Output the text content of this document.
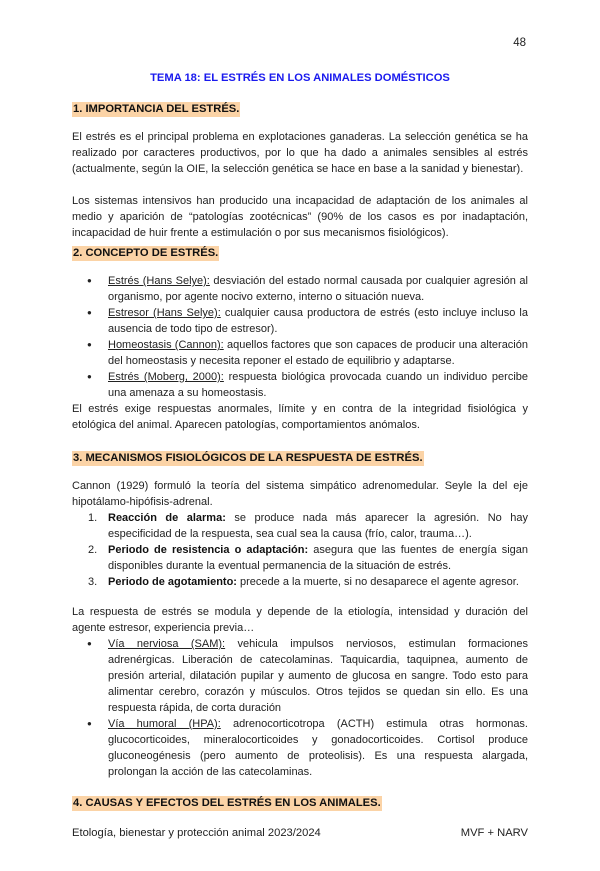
48
TEMA 18: EL ESTRÉS EN LOS ANIMALES DOMÉSTICOS
1. IMPORTANCIA DEL ESTRÉS.
El estrés es el principal problema en explotaciones ganaderas. La selección genética se ha realizado por caracteres productivos, por lo que ha dado a animales sensibles al estrés (actualmente, según la OIE, la selección genética se hace en base a la sanidad y bienestar).
Los sistemas intensivos han producido una incapacidad de adaptación de los animales al medio y aparición de “patologías zootécnicas” (90% de los casos es por inadaptación, incapacidad de huir frente a estimulación o por sus mecanismos fisiológicos).
2. CONCEPTO DE ESTRÉS.
● Estrés (Hans Selye): desviación del estado normal causada por cualquier agresión al organismo, por agente nocivo externo, interno o situación nueva.
● Estresor (Hans Selye): cualquier causa productora de estrés (esto incluye incluso la ausencia de todo tipo de estresor).
● Homeostasis (Cannon): aquellos factores que son capaces de producir una alteración del homeostasis y necesita reponer el estado de equilibrio y adaptarse.
● Estrés (Moberg, 2000): respuesta biológica provocada cuando un individuo percibe una amenaza a su homeostasis.
El estrés exige respuestas anormales, límite y en contra de la integridad fisiológica y etológica del animal. Aparecen patologías, comportamientos anómalos.
3. MECANISMOS FISIOLÓGICOS DE LA RESPUESTA DE ESTRÉS.
Cannon (1929) formuló la teoría del sistema simpático adrenomedular. Seyle la del eje hipotálamo-hipófisis-adrenal.
1. Reacción de alarma: se produce nada más aparecer la agresión. No hay especificidad de la respuesta, sea cual sea la causa (frío, calor, trauma…).
2. Periodo de resistencia o adaptación: asegura que las fuentes de energía sigan disponibles durante la eventual permanencia de la situación de estrés.
3. Periodo de agotamiento: precede a la muerte, si no desaparece el agente agresor.
La respuesta de estrés se modula y depende de la etiología, intensidad y duración del agente estresor, experiencia previa…
● Vía nerviosa (SAM): vehicula impulsos nerviosos, estimulan formaciones adrenérgicas. Liberación de catecolaminas. Taquicardia, taquipnea, aumento de presión arterial, dilatación pupilar y aumento de glucosa en sangre. Todo esto para alimentar cerebro, corazón y músculos. Otros tejidos se quedan sin ello. Es una respuesta rápida, de corta duración
● Vía humoral (HPA): adrenocorticotropa (ACTH) estimula otras hormonas. glucocorticoides, mineralocorticoides y gonadocorticoides. Cortisol produce gluconeogénesis (pero aumento de proteolisis). Es una respuesta alargada, prolongan la acción de las catecolaminas.
4. CAUSAS Y EFECTOS DEL ESTRÉS EN LOS ANIMALES.
Etología, bienestar y protección animal 2023/2024	MVF + NARV
